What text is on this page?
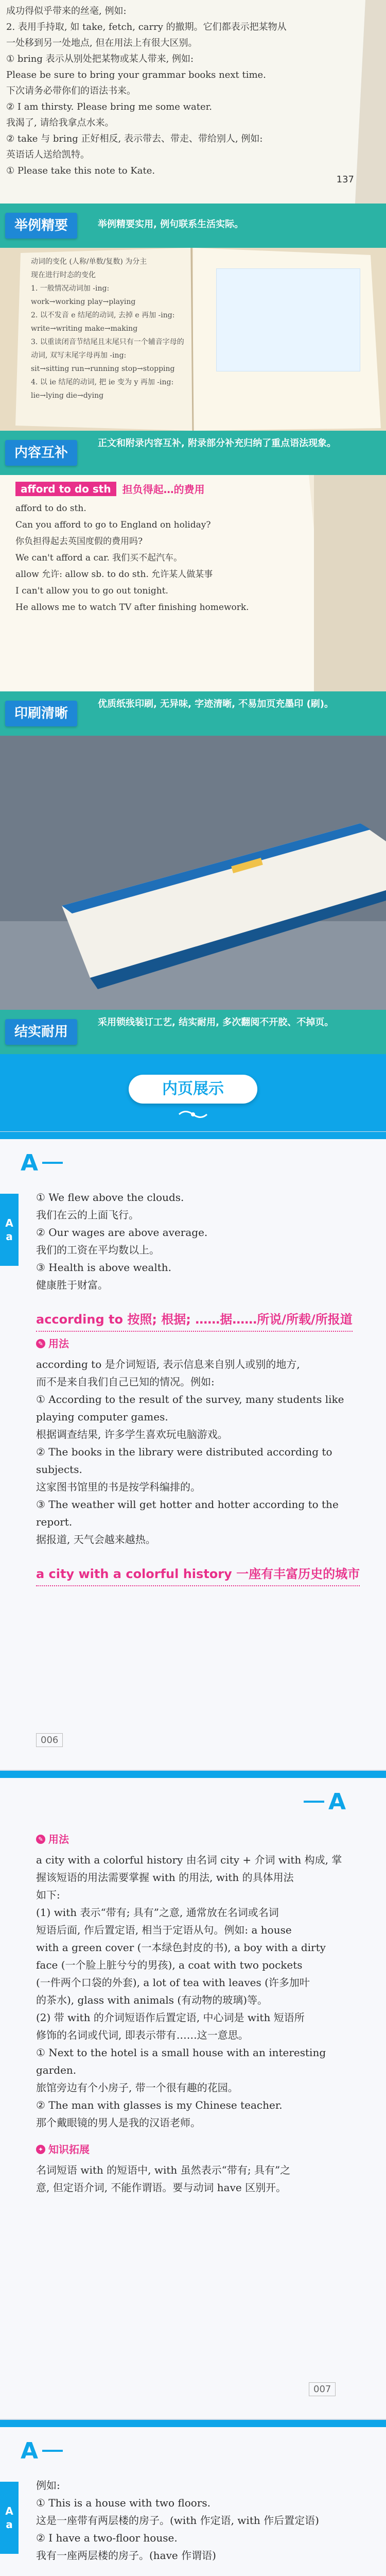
成功得似乎带来的丝毫, 例如:
2. 表用手持取, 如 take, fetch, carry 的撤期。它们都表示把某物从
一处移到另一处地点, 但在用法上有很大区别。
① bring 表示从别处把某物或某人带来, 例如:
Please be sure to bring your grammar books next time.
下次请务必带你们的语法书来。
② I am thirsty. Please bring me some water.
我渴了, 请给我拿点水来。
② take 与 bring 正好相反, 表示带去、带走、带给别人, 例如:
英语话人送给凯特。
① Please take this note to Kate.
137
举例精要	举例精要实用, 例句联系生活实际。
动词的变化 (人称/单数/复数) 为分主
现在进行时态的变化
1. 一般情况动词加 -ing:
work→working play→playing
2. 以不发音 e 结尾的动词, 去掉 e 再加 -ing:
write→writing make→making
3. 以重读闭音节结尾且末尾只有一个辅音字母的动词, 双写末尾字母再加 -ing:
sit→sitting run→running stop→stopping
4. 以 ie 结尾的动词, 把 ie 变为 y 再加 -ing:
lie→lying die→dying
内容互补
正文和附录内容互补, 附录部分补充归纳了重点语法现象。
afford to do sth	担负得起…的费用
afford to do sth.
Can you afford to go to England on holiday?
你负担得起去英国度假的费用吗?
We can't afford a car. 我们买不起汽车。
allow 允许: allow sb. to do sth. 允许某人做某事
I can't allow you to go out tonight.
He allows me to watch TV after finishing homework.
印刷清晰
优质纸张印刷, 无异味, 字迹清晰, 不易加页充墨印 (刷)。
结实耐用
采用锁线装订工艺, 结实耐用, 多次翻阅不开胶、不掉页。
内页展示
A
A
a
① We flew above the clouds.
我们在云的上面飞行。
② Our wages are above average.
我们的工资在平均数以上。
③ Health is above wealth.
健康胜于财富。
according to 按照; 根据; ……据……所说/所载/所报道
✎ 用法
according to 是介词短语, 表示信息来自别人或别的地方,
而不是来自我们自己已知的情况。例如:
① According to the result of the survey, many students like
playing computer games.
根据调查结果, 许多学生喜欢玩电脑游戏。
② The books in the library were distributed according to subjects.
这家图书馆里的书是按学科编排的。
③ The weather will get hotter and hotter according to the report.
据报道, 天气会越来越热。
a city with a colorful history 一座有丰富历史的城市
006
A
✎ 用法
a city with a colorful history 由名词 city + 介词 with 构成, 掌
握该短语的用法需要掌握 with 的用法, with 的具体用法
如下:
(1) with 表示“带有; 具有”之意, 通常放在名词或名词
短语后面, 作后置定语, 相当于定语从句。例如: a house
with a green cover (一本绿色封皮的书), a boy with a dirty
face (一个脸上脏兮兮的男孩), a coat with two pockets
(一件两个口袋的外套), a lot of tea with leaves (许多加叶
的茶水), glass with animals (有动物的玻璃)等。
(2) 带 with 的介词短语作后置定语, 中心词是 with 短语所
修饰的名词或代词, 即表示带有……这一意思。
① Next to the hotel is a small house with an interesting garden.
旅馆旁边有个小房子, 带一个很有趣的花园。
② The man with glasses is my Chinese teacher.
那个戴眼镜的男人是我的汉语老师。
✦ 知识拓展
名词短语 with 的短语中, with 虽然表示“带有; 具有”之
意, 但定语介词, 不能作谓语。要与动词 have 区别开。
007
A
A
a
例如:
① This is a house with two floors.
这是一座带有两层楼的房子。(with 作定语, with 作后置定语)
② I have a two-floor house.
我有一座两层楼的房子。(have 作谓语)
